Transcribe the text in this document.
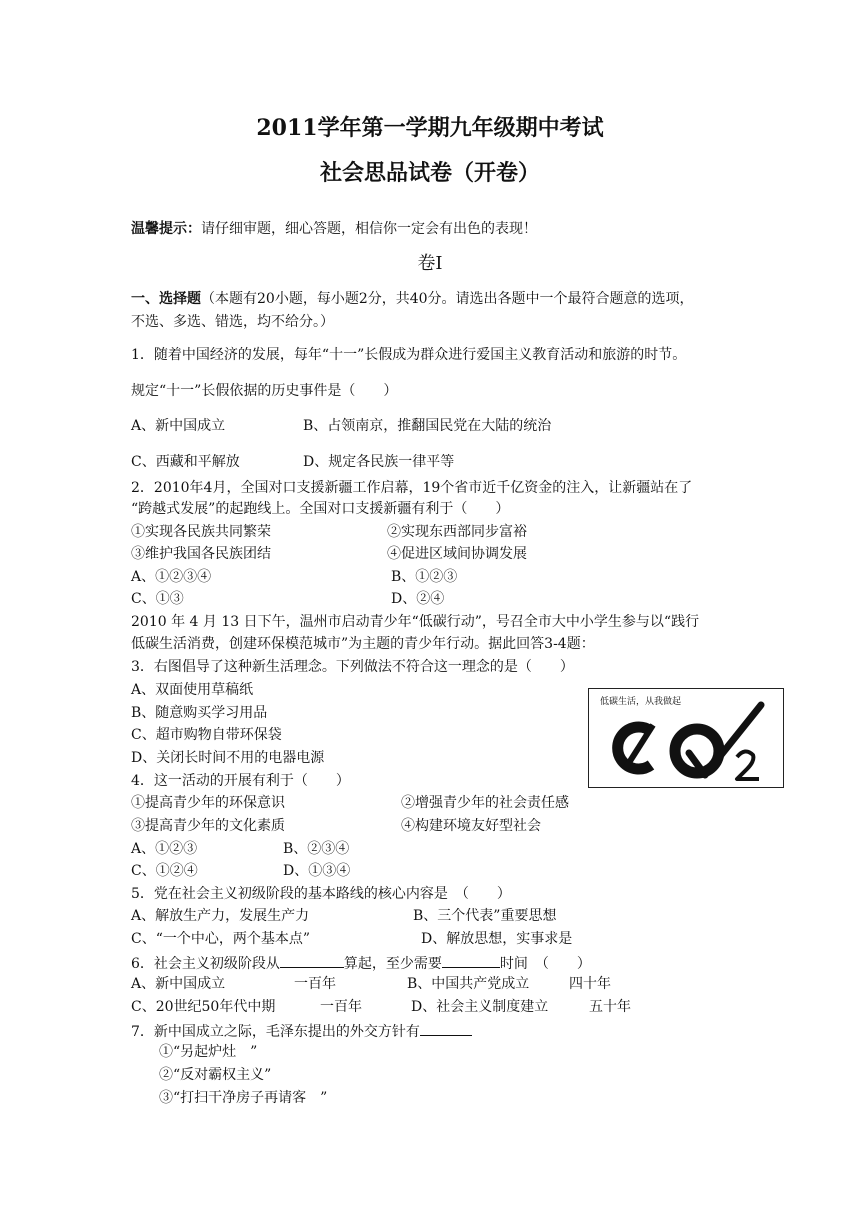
2011学年第一学期九年级期中考试
社会思品试卷（开卷）
温馨提示：请仔细审题，细心答题，相信你一定会有出色的表现！
卷Ⅰ
一、选择题（本题有20小题，每小题2分，共40分。请选出各题中一个最符合题意的选项，
不选、多选、错选，均不给分。）
1．随着中国经济的发展，每年“十一”长假成为群众进行爱国主义教育活动和旅游的时节。
规定“十一”长假依据的历史事件是（　　）
A、新中国成立	B、占领南京，推翻国民党在大陆的统治
C、西藏和平解放	D、规定各民族一律平等
2．2010年4月，全国对口支援新疆工作启幕，19个省市近千亿资金的注入，让新疆站在了
“跨越式发展”的起跑线上。全国对口支援新疆有利于（　　）
①实现各民族共同繁荣	②实现东西部同步富裕
③维护我国各民族团结	④促进区域间协调发展
A、①②③④	B、①②③
C、①③	D、②④
2010 年 4 月 13 日下午，温州市启动青少年“低碳行动”，号召全市大中小学生参与以“践行
低碳生活消费，创建环保模范城市”为主题的青少年行动。据此回答3-4题：
3．右图倡导了这种新生活理念。下列做法不符合这一理念的是（　　）
A、双面使用草稿纸
B、随意购买学习用品
C、超市购物自带环保袋
D、关闭长时间不用的电器电源
低碳生活，从我做起
4．这一活动的开展有利于（　　）
①提高青少年的环保意识	②增强青少年的社会责任感
③提高青少年的文化素质	④构建环境友好型社会
A、①②③	B、②③④
C、①②④	D、①③④
5．党在社会主义初级阶段的基本路线的核心内容是　（　　）
A、解放生产力，发展生产力	B、三个代表”重要思想
C、“一个中心，两个基本点”	D、解放思想，实事求是
6．社会主义初级阶段从	算起，至少需要	时间　（　　）
A、新中国成立	一百年	B、中国共产党成立	四十年
C、20世纪50年代中期	一百年	D、社会主义制度建立	五十年
7．新中国成立之际，毛泽东提出的外交方针有
①“另起炉灶　”
②“反对霸权主义”
③“打扫干净房子再请客　”
